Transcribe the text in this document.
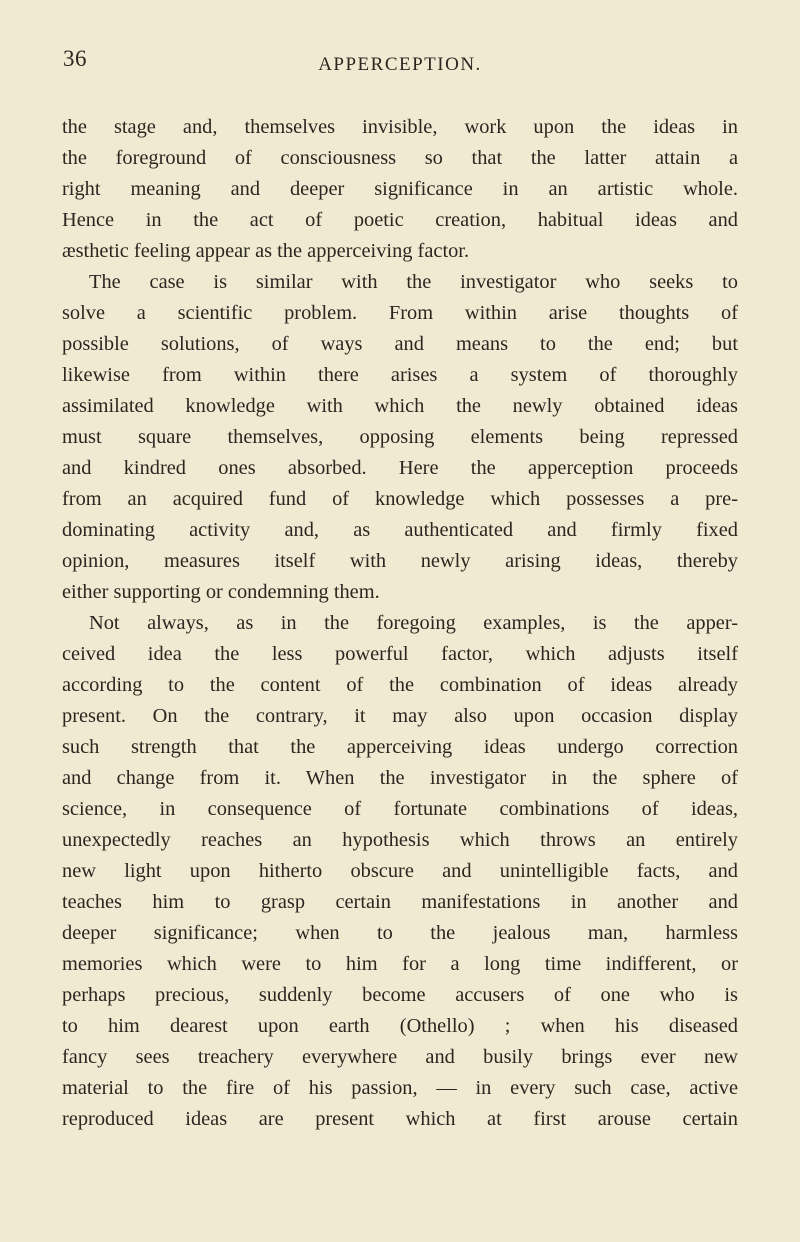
36	APPERCEPTION.
the stage and, themselves invisible, work upon the ideas in
the foreground of consciousness so that the latter attain a
right meaning and deeper significance in an artistic whole.
Hence in the act of poetic creation, habitual ideas and
æsthetic feeling appear as the apperceiving factor.
The case is similar with the investigator who seeks to
solve a scientific problem. From within arise thoughts of
possible solutions, of ways and means to the end; but
likewise from within there arises a system of thoroughly
assimilated knowledge with which the newly obtained ideas
must square themselves, opposing elements being repressed
and kindred ones absorbed. Here the apperception proceeds
from an acquired fund of knowledge which possesses a pre-
dominating activity and, as authenticated and firmly fixed
opinion, measures itself with newly arising ideas, thereby
either supporting or condemning them.
Not always, as in the foregoing examples, is the apper-
ceived idea the less powerful factor, which adjusts itself
according to the content of the combination of ideas already
present. On the contrary, it may also upon occasion display
such strength that the apperceiving ideas undergo correction
and change from it. When the investigator in the sphere of
science, in consequence of fortunate combinations of ideas,
unexpectedly reaches an hypothesis which throws an entirely
new light upon hitherto obscure and unintelligible facts, and
teaches him to grasp certain manifestations in another and
deeper significance; when to the jealous man, harmless
memories which were to him for a long time indifferent, or
perhaps precious, suddenly become accusers of one who is
to him dearest upon earth (Othello) ; when his diseased
fancy sees treachery everywhere and busily brings ever new
material to the fire of his passion, — in every such case, active
reproduced ideas are present which at first arouse certain
